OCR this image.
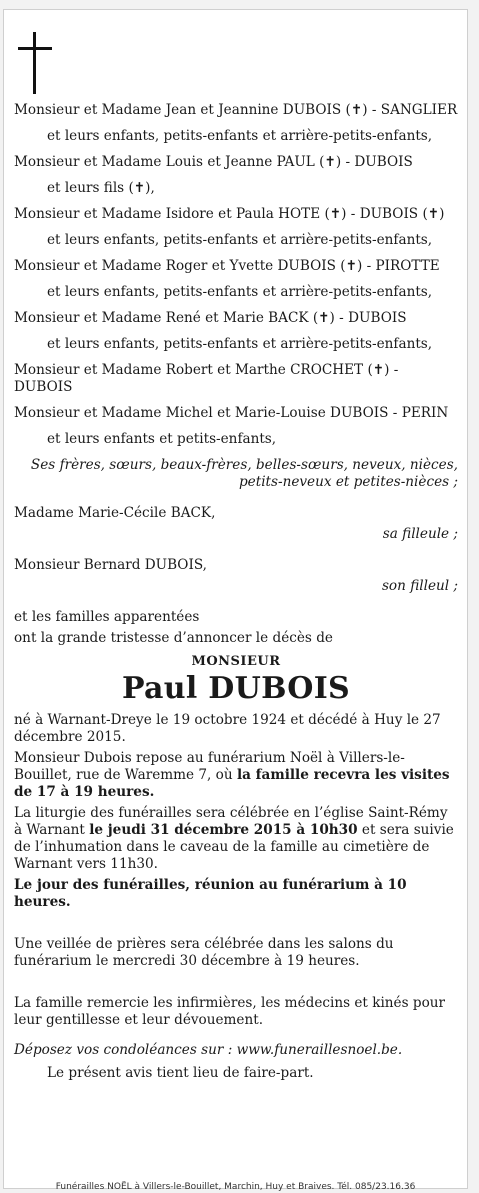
Monsieur et Madame Jean et Jeannine DUBOIS (✝) - SANGLIER

et leurs enfants, petits-enfants et arrière-petits-enfants,

Monsieur et Madame Louis et Jeanne PAUL (✝) - DUBOIS

et leurs fils (✝),

Monsieur et Madame Isidore et Paula HOTE (✝) - DUBOIS (✝)

et leurs enfants, petits-enfants et arrière-petits-enfants,

Monsieur et Madame Roger et Yvette DUBOIS (✝) - PIROTTE

et leurs enfants, petits-enfants et arrière-petits-enfants,

Monsieur et Madame René et Marie BACK (✝) - DUBOIS

et leurs enfants, petits-enfants et arrière-petits-enfants,

Monsieur et Madame Robert et Marthe CROCHET (✝) - DUBOIS

Monsieur et Madame Michel et Marie-Louise DUBOIS - PERIN

et leurs enfants et petits-enfants,

Ses frères, sœurs, beaux-frères, belles-sœurs, neveux, nièces, petits-neveux et petites-nièces ;

Madame Marie-Cécile BACK,

sa filleule ;

Monsieur Bernard DUBOIS,

son filleul ;

et les familles apparentées

ont la grande tristesse d’annoncer le décès de

MONSIEUR

Paul DUBOIS

né à Warnant-Dreye le 19 octobre 1924 et décédé à Huy le 27 décembre 2015.

Monsieur Dubois repose au funérarium Noël à Villers-le-Bouillet, rue de Waremme 7, où la famille recevra les visites de 17 à 19 heures.

La liturgie des funérailles sera célébrée en l’église Saint-Rémy à Warnant le jeudi 31 décembre 2015 à 10h30 et sera suivie de l’inhumation dans le caveau de la famille au cimetière de Warnant vers 11h30.

Le jour des funérailles, réunion au funérarium à 10 heures.

Une veillée de prières sera célébrée dans les salons du funérarium le mercredi 30 décembre à 19 heures.

La famille remercie les infirmières, les médecins et kinés pour leur gentillesse et leur dévouement.

Déposez vos condoléances sur : www.funeraillesnoel.be.

Le présent avis tient lieu de faire-part.

Funérailles NOËL à Villers-le-Bouillet, Marchin, Huy et Braives. Tél. 085/23.16.36
